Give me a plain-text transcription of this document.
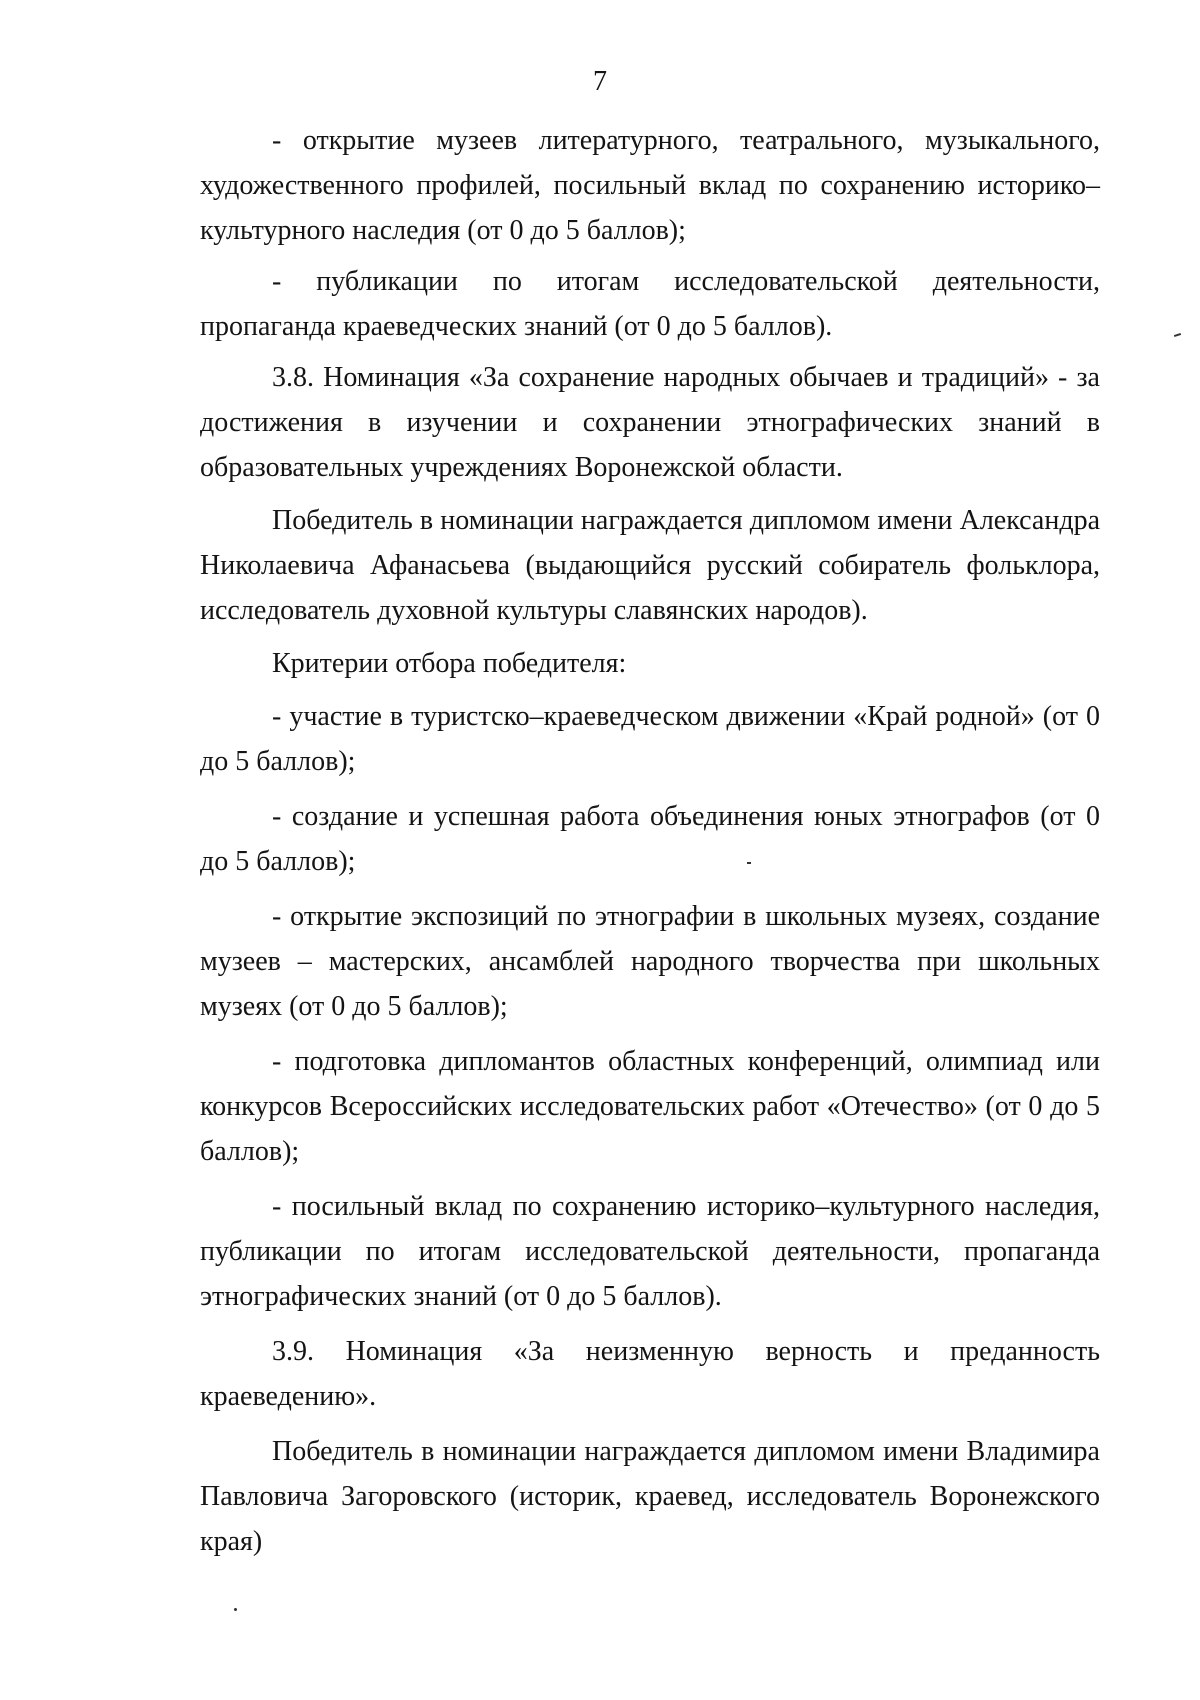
7

- открытие музеев литературного, театрального, музыкального, художественного профилей, посильный вклад по сохранению историко–культурного наследия (от 0 до 5 баллов);

- публикации по итогам исследовательской деятельности, пропаганда краеведческих знаний (от 0 до 5 баллов).

3.8. Номинация «За сохранение народных обычаев и традиций» - за достижения в изучении и сохранении этнографических знаний в образовательных учреждениях Воронежской области.

Победитель в номинации награждается дипломом имени Александра Николаевича Афанасьева (выдающийся русский собиратель фольклора, исследователь духовной культуры славянских народов).

Критерии отбора победителя:

- участие в туристско–краеведческом движении «Край родной» (от 0 до 5 баллов);

- создание и успешная работа объединения юных этнографов (от 0 до 5 баллов);

- открытие экспозиций по этнографии в школьных музеях, создание музеев – мастерских, ансамблей народного творчества при школьных музеях (от 0 до 5 баллов);

- подготовка дипломантов областных конференций, олимпиад или конкурсов Всероссийских исследовательских работ «Отечество» (от 0 до 5 баллов);

- посильный вклад по сохранению историко–культурного наследия, публикации по итогам исследовательской деятельности, пропаганда этнографических знаний (от 0 до 5 баллов).

3.9. Номинация «За неизменную верность и преданность краеведению».

Победитель в номинации награждается дипломом имени Владимира Павловича Загоровского (историк, краевед, исследователь Воронежского края)
